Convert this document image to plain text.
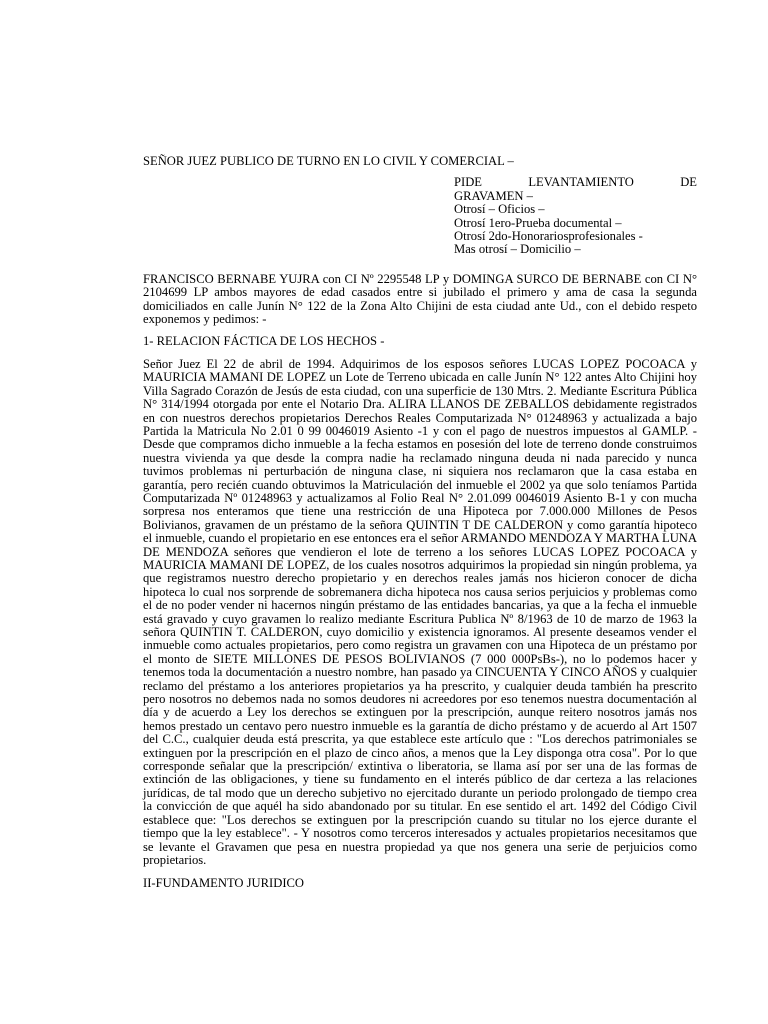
SEÑOR JUEZ PUBLICO DE TURNO EN LO CIVIL Y COMERCIAL –
PIDE	LEVANTAMIENTO	DE
GRAVAMEN –
Otrosí – Oficios –
Otrosí 1ero-Prueba documental –
Otrosí 2do-Honorariosprofesionales -
Mas otrosí – Domicilio –

FRANCISCO BERNABE YUJRA con CI Nº 2295548 LP y DOMINGA SURCO DE BERNABE con CI N° 2104699 LP ambos mayores de edad casados entre si jubilado el primero y ama de casa la segunda domiciliados en calle Junín N° 122 de la Zona Alto Chijini de esta ciudad ante Ud., con el debido respeto exponemos y pedimos: -

1- RELACION FÁCTICA DE LOS HECHOS -

Señor Juez El 22 de abril de 1994. Adquirimos de los esposos señores LUCAS LOPEZ POCOACA y MAURICIA MAMANI DE LOPEZ un Lote de Terreno ubicada en calle Junín N° 122 antes Alto Chijini hoy Villa Sagrado Corazón de Jesús de esta ciudad, con una superficie de 130 Mtrs. 2. Mediante Escritura Pública N° 314/1994 otorgada por ente el Notario Dra. ALIRA LLANOS DE ZEBALLOS debidamente registrados en con nuestros derechos propietarios Derechos Reales Computarizada N° 01248963 y actualizada a bajo Partida la Matricula No 2.01 0 99 0046019 Asiento -1 y con el pago de nuestros impuestos al GAMLP. - Desde que compramos dicho inmueble a la fecha estamos en posesión del lote de terreno donde construimos nuestra vivienda ya que desde la compra nadie ha reclamado ninguna deuda ni nada parecido y nunca tuvimos problemas ni perturbación de ninguna clase, ni siquiera nos reclamaron que la casa estaba en garantía, pero recién cuando obtuvimos la Matriculación del inmueble el 2002 ya que solo teníamos Partida Computarizada Nº 01248963 y actualizamos al Folio Real N° 2.01.099 0046019 Asiento B-1 y con mucha sorpresa nos enteramos que tiene una restricción de una Hipoteca por 7.000.000 Millones de Pesos Bolivianos, gravamen de un préstamo de la señora QUINTIN T DE CALDERON y como garantía hipoteco el inmueble, cuando el propietario en ese entonces era el señor ARMANDO MENDOZA Y MARTHA LUNA DE MENDOZA señores que vendieron el lote de terreno a los señores LUCAS LOPEZ POCOACA y MAURICIA MAMANI DE LOPEZ, de los cuales nosotros adquirimos la propiedad sin ningún problema, ya que registramos nuestro derecho propietario y en derechos reales jamás nos hicieron conocer de dicha hipoteca lo cual nos sorprende de sobremanera dicha hipoteca nos causa serios perjuicios y problemas como el de no poder vender ni hacernos ningún préstamo de las entidades bancarias, ya que a la fecha el inmueble está gravado y cuyo gravamen lo realizo mediante Escritura Publica Nº 8/1963 de 10 de marzo de 1963 la señora QUINTIN T. CALDERON, cuyo domicilio y existencia ignoramos. Al presente deseamos vender el inmueble como actuales propietarios, pero como registra un gravamen con una Hipoteca de un préstamo por el monto de SIETE MILLONES DE PESOS BOLIVIANOS (7 000 000PsBs-), no lo podemos hacer y tenemos toda la documentación a nuestro nombre, han pasado ya CINCUENTA Y CINCO AÑOS y cualquier reclamo del préstamo a los anteriores propietarios ya ha prescrito, y cualquier deuda también ha prescrito pero nosotros no debemos nada no somos deudores ni acreedores por eso tenemos nuestra documentación al día y de acuerdo a Ley los derechos se extinguen por la prescripción, aunque reitero nosotros jamás nos hemos prestado un centavo pero nuestro inmueble es la garantía de dicho préstamo y de acuerdo al Art 1507 del C.C., cualquier deuda está prescrita, ya que establece este artículo que : "Los derechos patrimoniales se extinguen por la prescripción en el plazo de cinco años, a menos que la Ley disponga otra cosa". Por lo que corresponde señalar que la prescripción/ extintiva o liberatoria, se llama así por ser una de las formas de extinción de las obligaciones, y tiene su fundamento en el interés público de dar certeza a las relaciones jurídicas, de tal modo que un derecho subjetivo no ejercitado durante un periodo prolongado de tiempo crea la convicción de que aquél ha sido abandonado por su titular. En ese sentido el art. 1492 del Código Civil establece que: "Los derechos se extinguen por la prescripción cuando su titular no los ejerce durante el tiempo que la ley establece". - Y nosotros como terceros interesados y actuales propietarios necesitamos que se levante el Gravamen que pesa en nuestra propiedad ya que nos genera una serie de perjuicios como propietarios.

II-FUNDAMENTO JURIDICO
